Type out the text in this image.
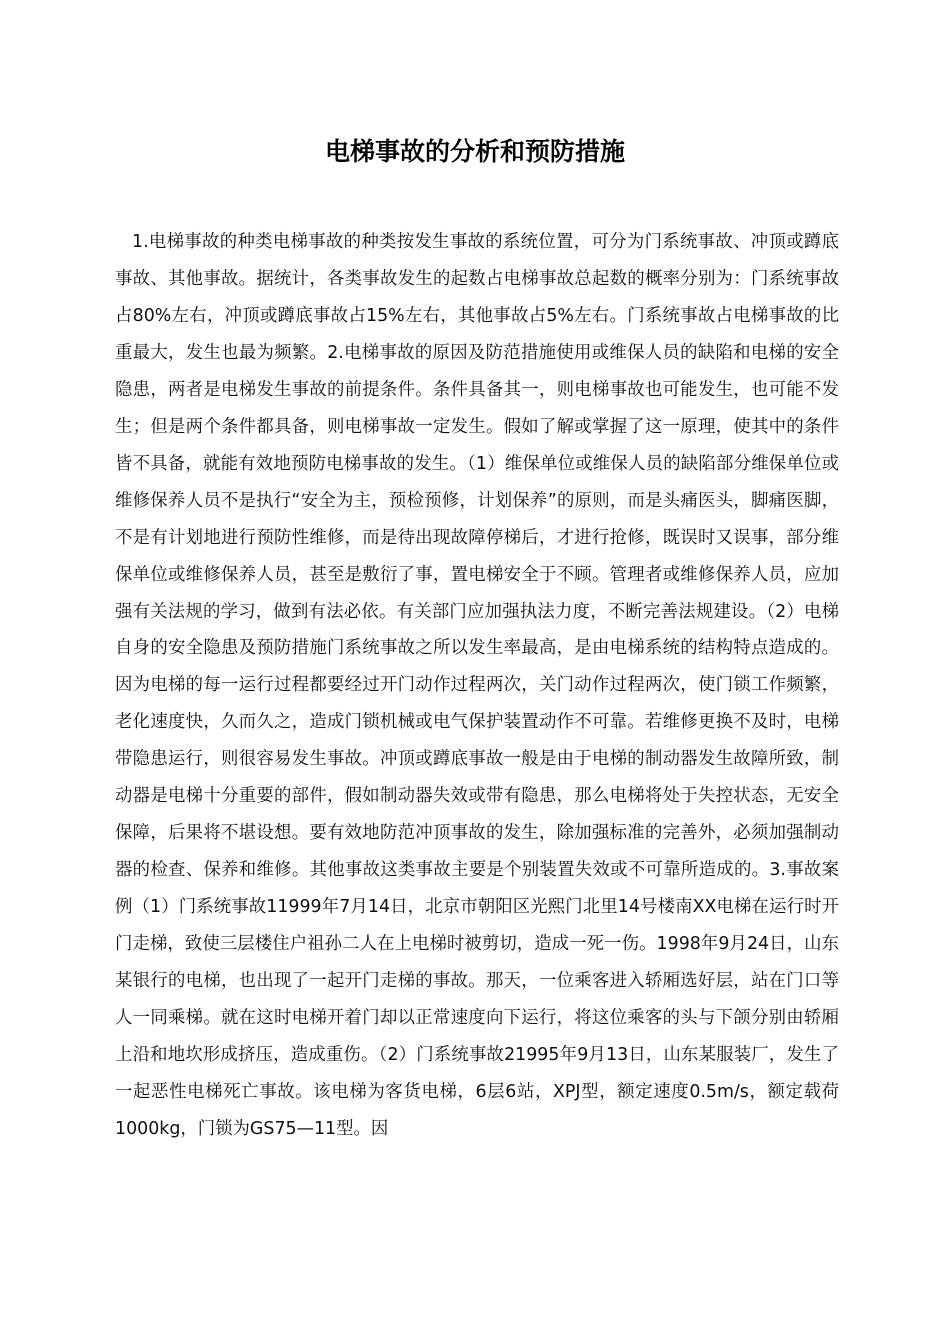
电梯事故的分析和预防措施

1.电梯事故的种类电梯事故的种类按发生事故的系统位置，可分为门系统事故、冲顶或蹲底事故、其他事故。据统计，各类事故发生的起数占电梯事故总起数的概率分别为：门系统事故占80%左右，冲顶或蹲底事故占15%左右，其他事故占5%左右。门系统事故占电梯事故的比重最大，发生也最为频繁。2.电梯事故的原因及防范措施使用或维保人员的缺陷和电梯的安全隐患，两者是电梯发生事故的前提条件。条件具备其一，则电梯事故也可能发生，也可能不发生；但是两个条件都具备，则电梯事故一定发生。假如了解或掌握了这一原理，使其中的条件皆不具备，就能有效地预防电梯事故的发生。（1）维保单位或维保人员的缺陷部分维保单位或维修保养人员不是执行“安全为主，预检预修，计划保养”的原则，而是头痛医头，脚痛医脚，不是有计划地进行预防性维修，而是待出现故障停梯后，才进行抢修，既误时又误事，部分维保单位或维修保养人员，甚至是敷衍了事，置电梯安全于不顾。管理者或维修保养人员，应加强有关法规的学习，做到有法必依。有关部门应加强执法力度，不断完善法规建设。（2）电梯自身的安全隐患及预防措施门系统事故之所以发生率最高，是由电梯系统的结构特点造成的。因为电梯的每一运行过程都要经过开门动作过程两次，关门动作过程两次，使门锁工作频繁，老化速度快，久而久之，造成门锁机械或电气保护装置动作不可靠。若维修更换不及时，电梯带隐患运行，则很容易发生事故。冲顶或蹲底事故一般是由于电梯的制动器发生故障所致，制动器是电梯十分重要的部件，假如制动器失效或带有隐患，那么电梯将处于失控状态，无安全保障，后果将不堪设想。要有效地防范冲顶事故的发生，除加强标准的完善外，必须加强制动器的检查、保养和维修。其他事故这类事故主要是个别装置失效或不可靠所造成的。3.事故案例（1）门系统事故11999年7月14日，北京市朝阳区光熙门北里14号楼南XX电梯在运行时开门走梯，致使三层楼住户祖孙二人在上电梯时被剪切，造成一死一伤。1998年9月24日，山东某银行的电梯，也出现了一起开门走梯的事故。那天，一位乘客进入轿厢选好层，站在门口等人一同乘梯。就在这时电梯开着门却以正常速度向下运行，将这位乘客的头与下颌分别由轿厢上沿和地坎形成挤压，造成重伤。（2）门系统事故21995年9月13日，山东某服装厂，发生了一起恶性电梯死亡事故。该电梯为客货电梯，6层6站，XPJ型，额定速度0.5m/s，额定载荷1000kg，门锁为GS75—11型。因
